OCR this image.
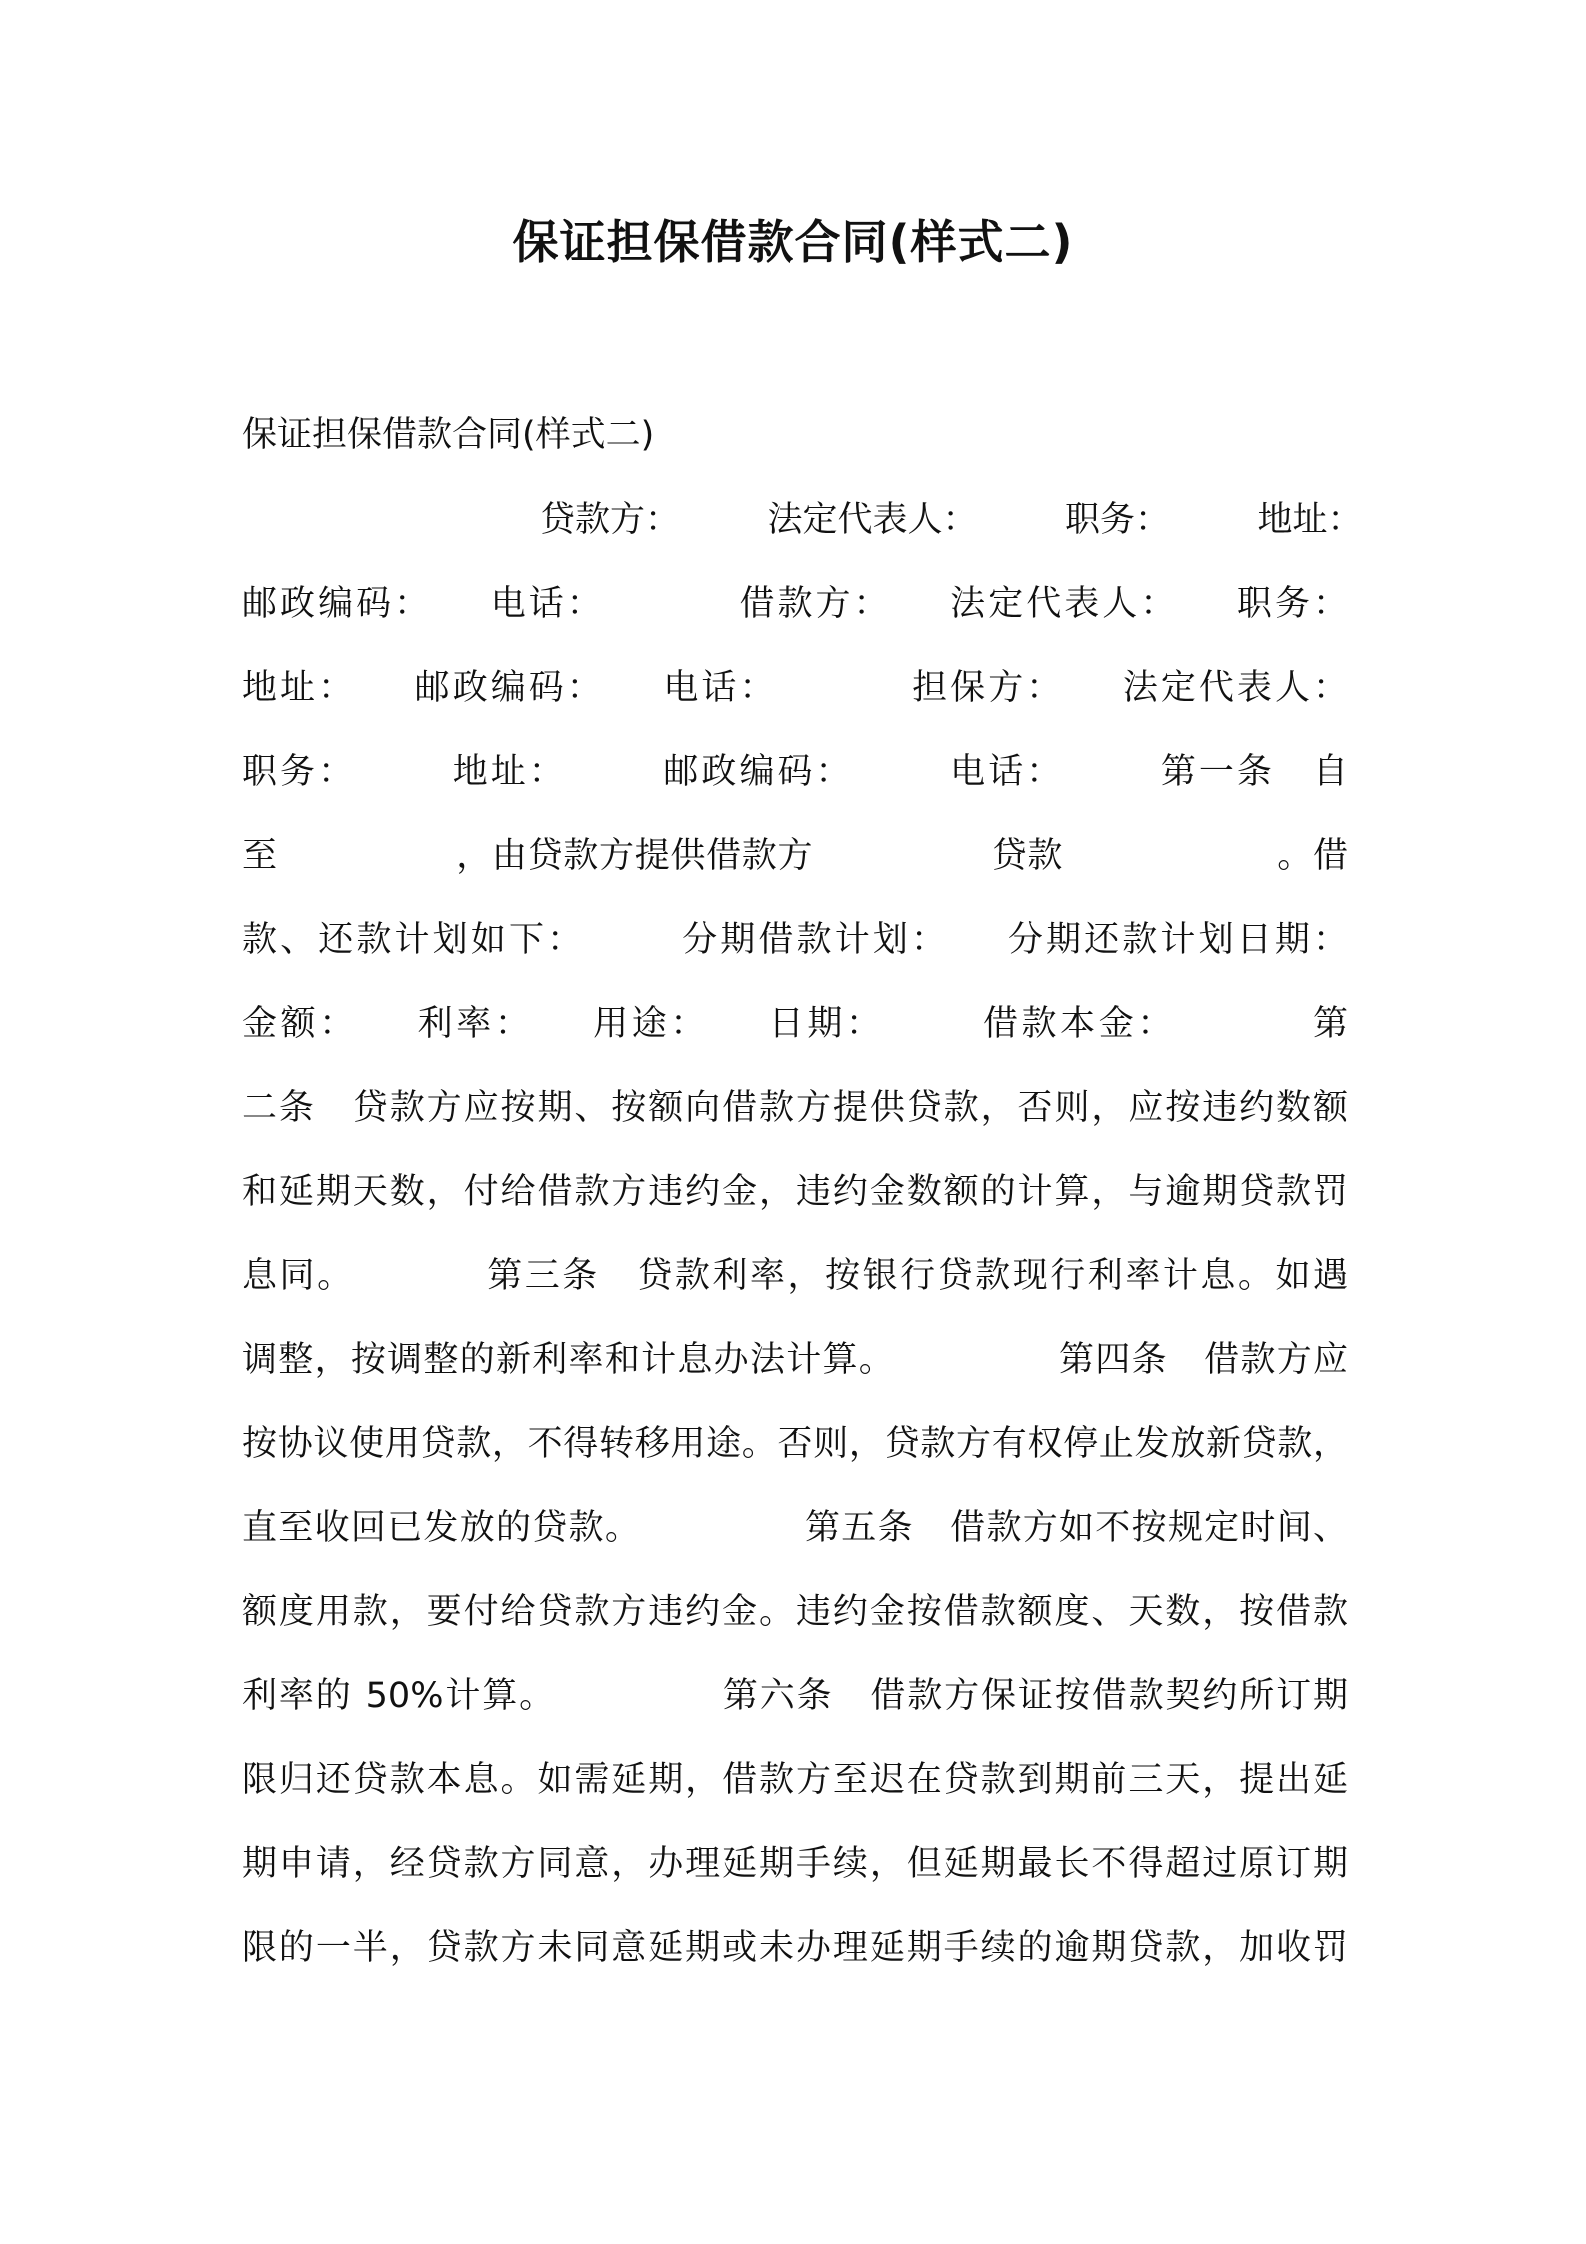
保证担保借款合同(样式二)

保证担保借款合同(样式二)

贷款方：　　　法定代表人：　　　职务：　　　地址：

邮政编码：　　电话：　　　　借款方：　　法定代表人：　　职务：

地址：　　邮政编码：　　电话：　　　　担保方：　　法定代表人：

职务：　　　地址：　　　邮政编码：　　　电话：　　　第一条　自

至　　　　　，由贷款方提供借款方　　　　　贷款　　　　　　。借

款、还款计划如下：　　　分期借款计划：　　分期还款计划日期：

金额：　　利率：　　用途：　　日期：　　　借款本金：　　　　第

二条　贷款方应按期、按额向借款方提供贷款，否则，应按违约数额

和延期天数，付给借款方违约金，违约金数额的计算，与逾期贷款罚

息同。　　　　第三条　贷款利率，按银行贷款现行利率计息。如遇

调整，按调整的新利率和计息办法计算。　　　　　第四条　借款方应

按协议使用贷款，不得转移用途。否则，贷款方有权停止发放新贷款，

直至收回已发放的贷款。　　　　　第五条　借款方如不按规定时间、

额度用款，要付给贷款方违约金。违约金按借款额度、天数，按借款

利率的 50%计算。　　　　　第六条　借款方保证按借款契约所订期

限归还贷款本息。如需延期，借款方至迟在贷款到期前三天，提出延

期申请，经贷款方同意，办理延期手续，但延期最长不得超过原订期

限的一半，贷款方未同意延期或未办理延期手续的逾期贷款，加收罚
